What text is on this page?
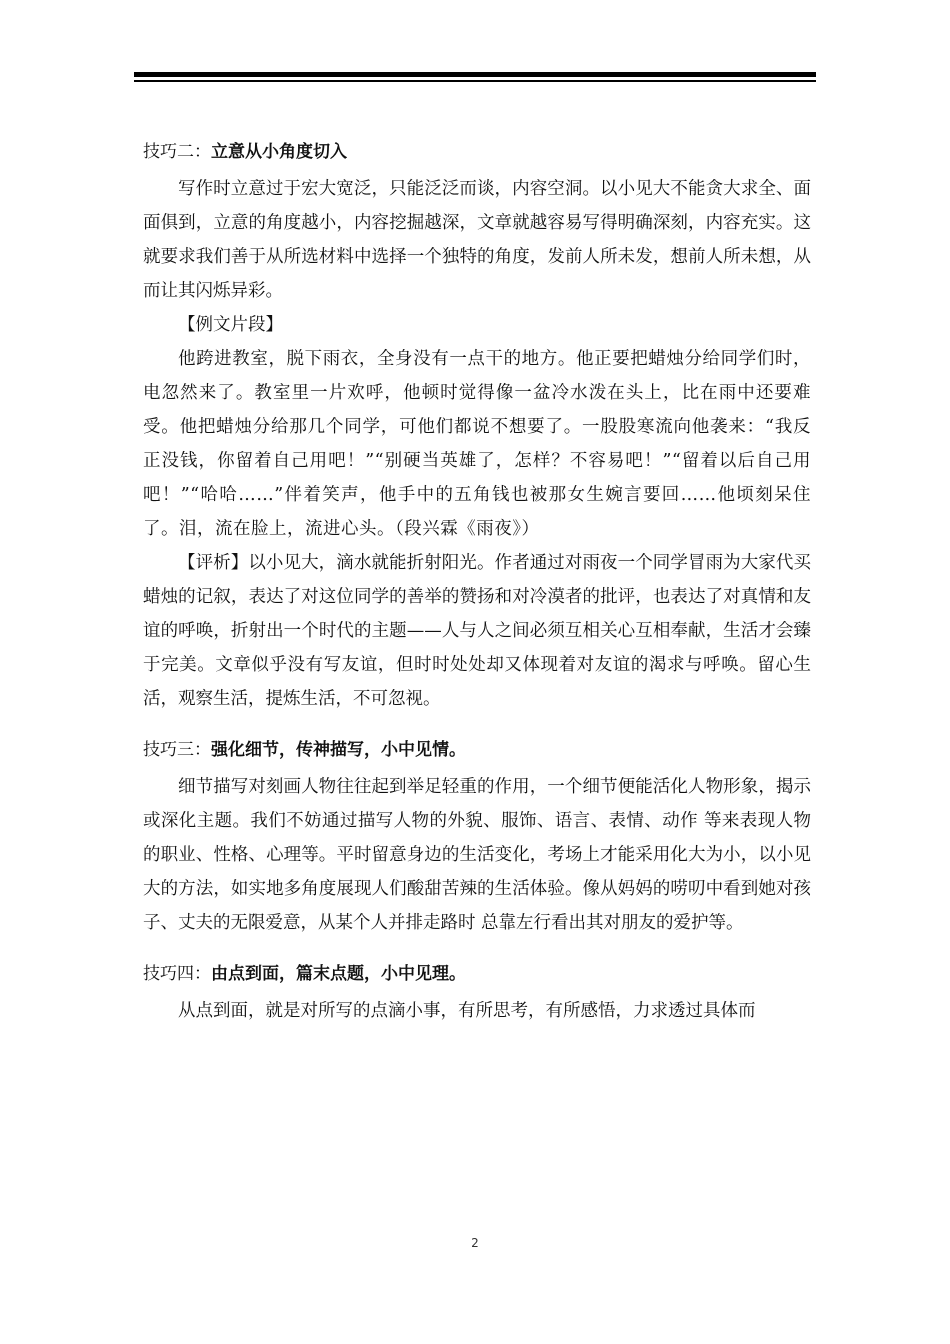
技巧二：立意从小角度切入

写作时立意过于宏大宽泛，只能泛泛而谈，内容空洞。以小见大不能贪大求全、面面俱到，立意的角度越小，内容挖掘越深，文章就越容易写得明确深刻，内容充实。这就要求我们善于从所选材料中选择一个独特的角度，发前人所未发，想前人所未想，从而让其闪烁异彩。

【例文片段】

他跨进教室，脱下雨衣，全身没有一点干的地方。他正要把蜡烛分给同学们时，电忽然来了。教室里一片欢呼，他顿时觉得像一盆冷水泼在头上，比在雨中还要难受。他把蜡烛分给那几个同学，可他们都说不想要了。一股股寒流向他袭来：“我反正没钱，你留着自己用吧！”“别硬当英雄了，怎样？不容易吧！”“留着以后自己用吧！”“哈哈……”伴着笑声，他手中的五角钱也被那女生婉言要回……他顷刻呆住了。泪，流在脸上，流进心头。（段兴霖《雨夜》）

【评析】以小见大，滴水就能折射阳光。作者通过对雨夜一个同学冒雨为大家代买蜡烛的记叙，表达了对这位同学的善举的赞扬和对冷漠者的批评，也表达了对真情和友谊的呼唤，折射出一个时代的主题——人与人之间必须互相关心互相奉献，生活才会臻于完美。文章似乎没有写友谊，但时时处处却又体现着对友谊的渴求与呼唤。留心生活，观察生活，提炼生活，不可忽视。

技巧三：强化细节，传神描写，小中见情。

细节描写对刻画人物往往起到举足轻重的作用，一个细节便能活化人物形象，揭示或深化主题。我们不妨通过描写人物的外貌、服饰、语言、表情、动作 等来表现人物的职业、性格、心理等。平时留意身边的生活变化，考场上才能采用化大为小，以小见大的方法，如实地多角度展现人们酸甜苦辣的生活体验。像从妈妈的唠叨中看到她对孩子、丈夫的无限爱意，从某个人并排走路时 总靠左行看出其对朋友的爱护等。

技巧四：由点到面，篇末点题，小中见理。

从点到面，就是对所写的点滴小事，有所思考，有所感悟，力求透过具体而

2
